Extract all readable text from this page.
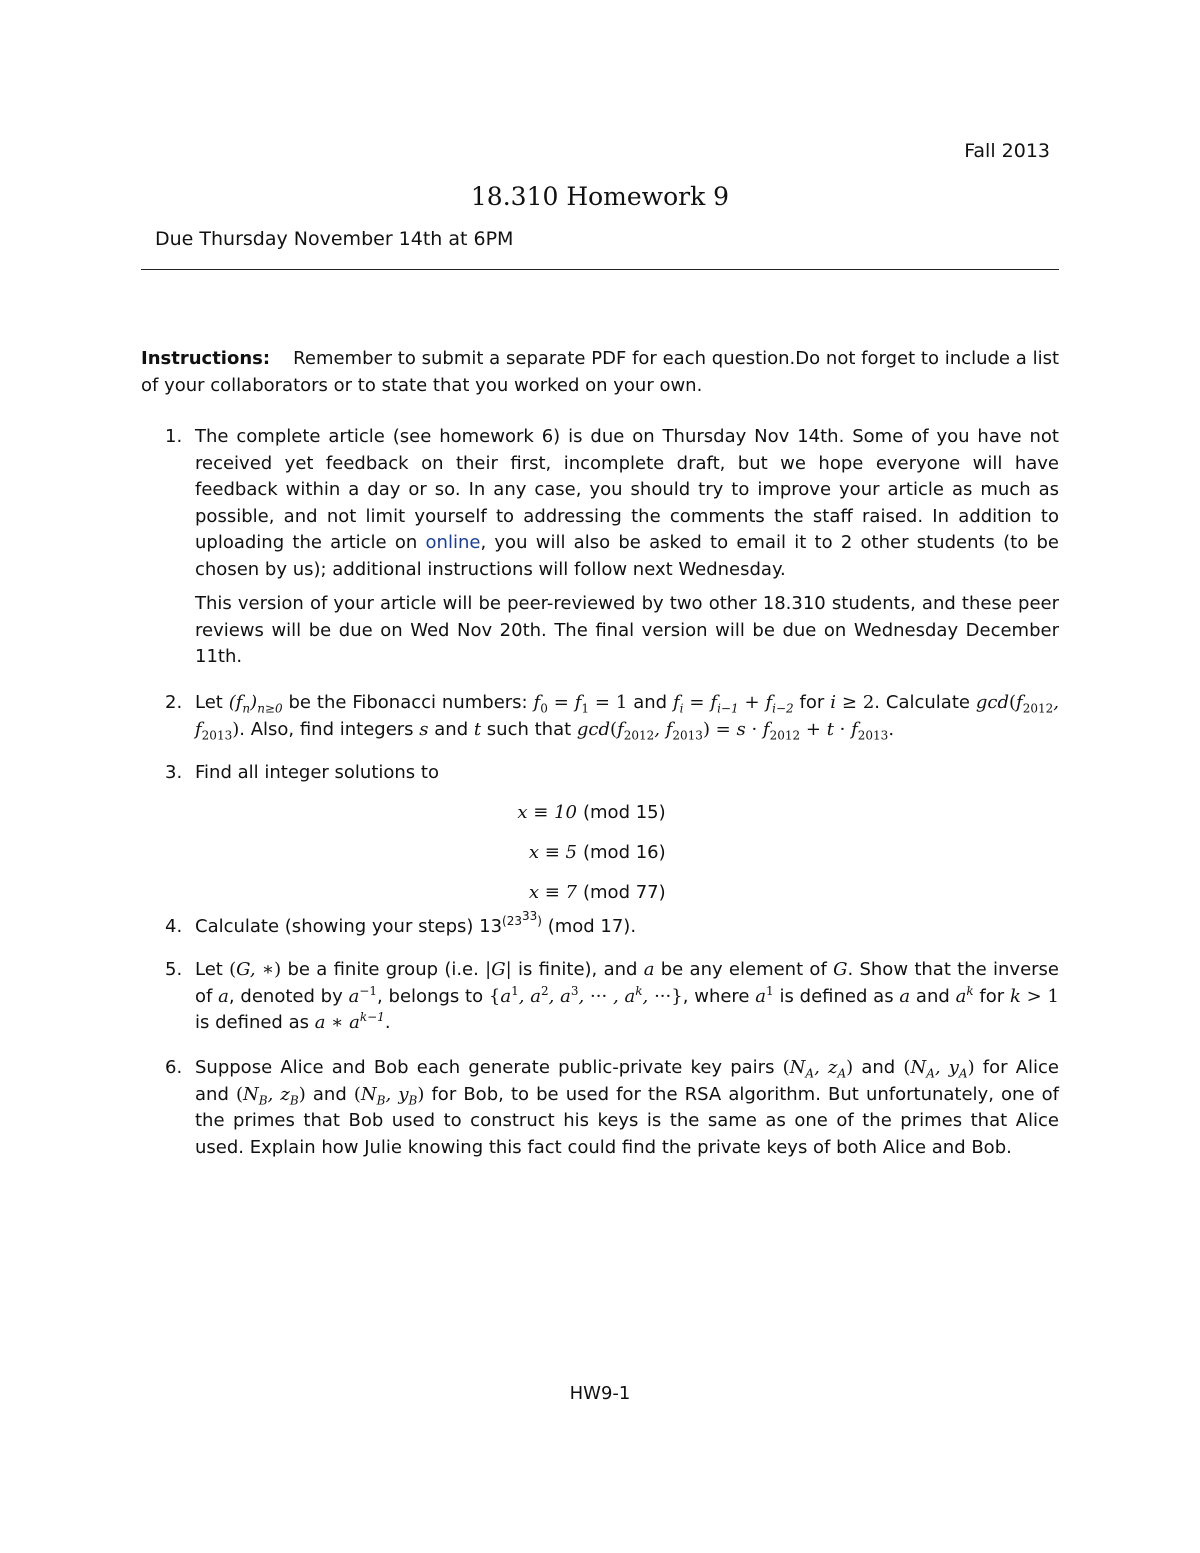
Fall 2013
18.310 Homework 9
Due Thursday November 14th at 6PM
Instructions: Remember to submit a separate PDF for each question.Do not forget to include a list of your collaborators or to state that you worked on your own.
1. The complete article (see homework 6) is due on Thursday Nov 14th. Some of you have not received yet feedback on their first, incomplete draft, but we hope everyone will have feedback within a day or so. In any case, you should try to improve your article as much as possible, and not limit yourself to addressing the comments the staff raised. In addition to uploading the article on online, you will also be asked to email it to 2 other students (to be chosen by us); additional instructions will follow next Wednesday.

This version of your article will be peer-reviewed by two other 18.310 students, and these peer reviews will be due on Wed Nov 20th. The final version will be due on Wednesday December 11th.

2. Let $(f_n)_{n\ge 0}$ be the Fibonacci numbers: $f_0 = f_1 = 1$ and $f_i = f_{i-1} + f_{i-2}$ for i ≥ 2. Calculate $\gcd(f_{2012}$, $f_{2013}$). Also, find integers s and t such that $\gcd(f_{2012}$, $f_{2013}) = s \cdot f_{2012} + t \cdot f_{2013}$.
3. Find all integer solutions to
x ≡ 10 (mod 15)
x ≡ 5 (mod 16)
x ≡ 7 (mod 77)
4. Calculate (showing your steps) $13^{(23^{33})}$ (mod 17).
5. Let (G, ∗) be a finite group (i.e. |G| is finite), and a be any element of G. Show that the inverse of a, denoted by $a^{-1}$, belongs to {$a^1$, $a^2$, $a^3$, ··· , $a^k$, ···}, where $a^1$ is defined as a and $a^k$ for k > 1 is defined as a ∗ $a^{k-1}$.
6. Suppose Alice and Bob each generate public-private key pairs ($N_A$, $z_A$) and ($N_A$, $y_A$) for Alice and ($N_B$, $z_B$) and ($N_B$, $y_B$) for Bob, to be used for the RSA algorithm. But unfortunately, one of the primes that Bob used to construct his keys is the same as one of the primes that Alice used. Explain how Julie knowing this fact could find the private keys of both Alice and Bob.
HW9-1
